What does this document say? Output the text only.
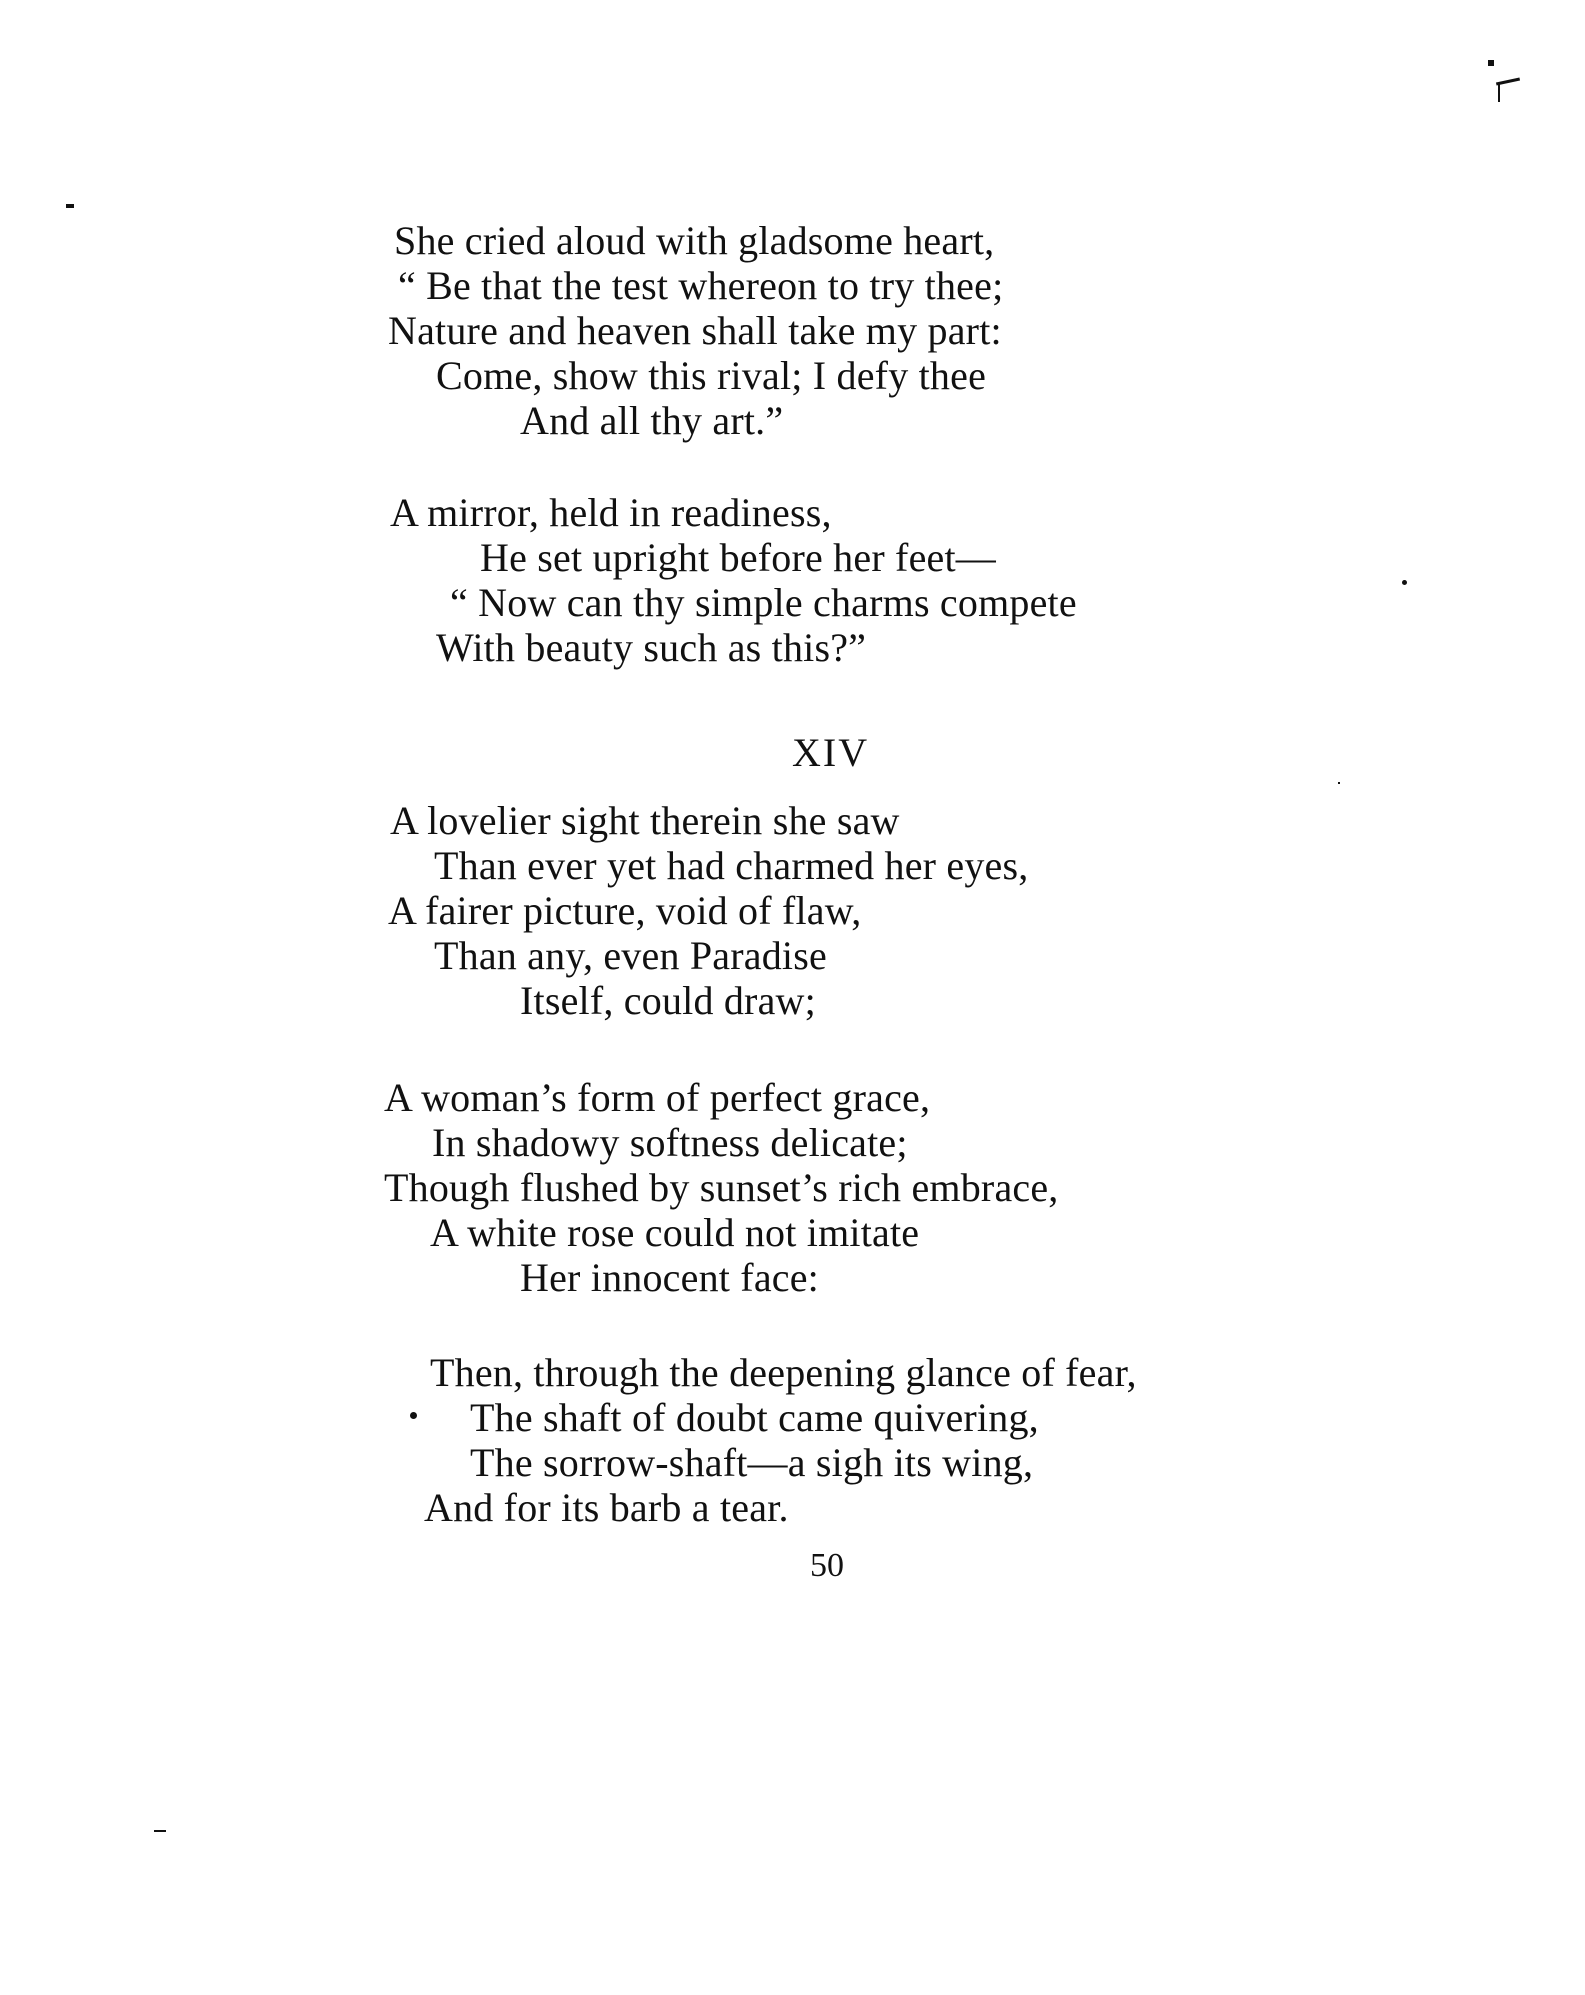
She cried aloud with gladsome heart,
“ Be that the test whereon to try thee;
Nature and heaven shall take my part:
Come, show this rival; I defy thee
And all thy art.”
A mirror, held in readiness,
He set upright before her feet—
“ Now can thy simple charms compete
With beauty such as this?”
XIV
A lovelier sight therein she saw
Than ever yet had charmed her eyes,
A fairer picture, void of flaw,
Than any, even Paradise
Itself, could draw;
A woman’s form of perfect grace,
In shadowy softness delicate;
Though flushed by sunset’s rich embrace,
A white rose could not imitate
Her innocent face:
Then, through the deepening glance of fear,
The shaft of doubt came quivering,
The sorrow-shaft—a sigh its wing,
And for its barb a tear.
50
